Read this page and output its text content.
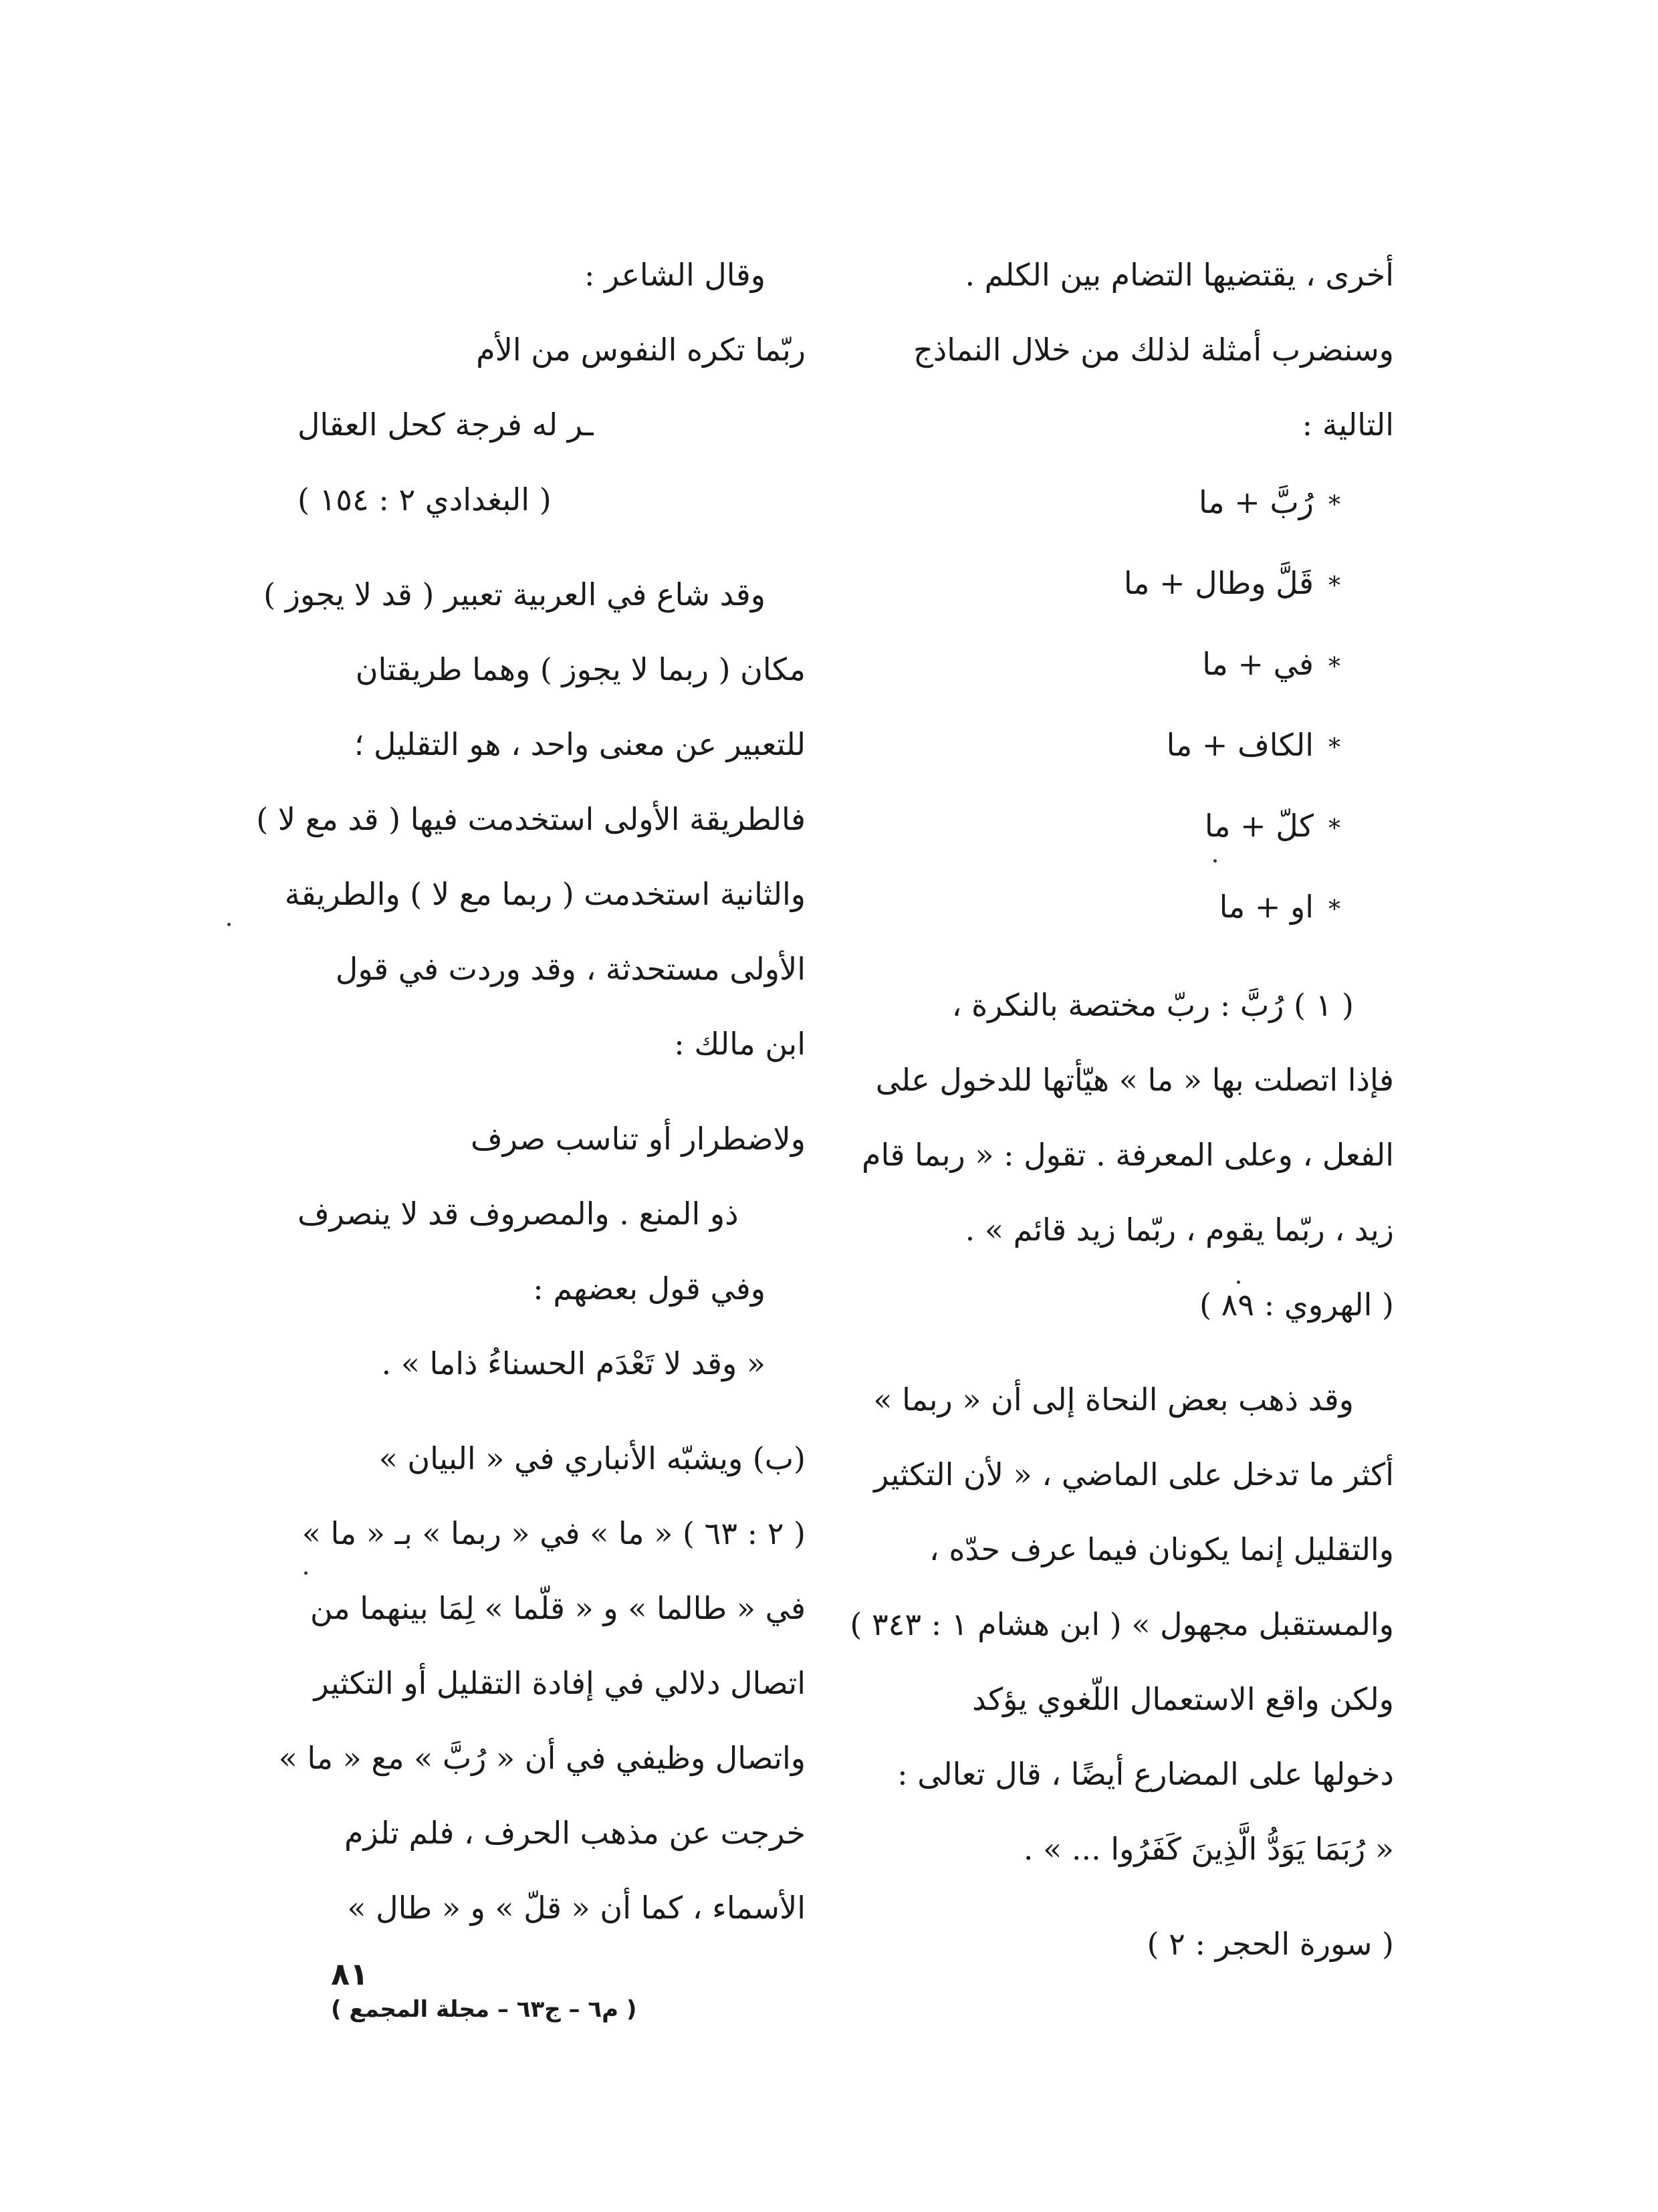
أخرى ، يقتضيها التضام بين الكلم .
وسنضرب أمثلة لذلك من خلال النماذج
التالية :
*رُبَّ + ما
*قَلَّ وطال + ما
*في + ما
*الكاف + ما
*كلّ + ما
*او + ما
( ١ ) رُبَّ : ربّ مختصة بالنكرة ،
فإذا اتصلت بها « ما » هيّأتها للدخول على
الفعل ، وعلى المعرفة . تقول : « ربما قام
زيد ، ربّما يقوم ، ربّما زيد قائم » .
( الهروي : ٨٩ )
وقد ذهب بعض النحاة إلى أن « ربما »
أكثر ما تدخل على الماضي ، « لأن التكثير
والتقليل إنما يكونان فيما عرف حدّه ،
والمستقبل مجهول » ( ابن هشام ١ : ٣٤٣ )
ولكن واقع الاستعمال اللّغوي يؤكد
دخولها على المضارع أيضًا ، قال تعالى :
« رُبَمَا يَوَدُّ الَّذِينَ كَفَرُوا ... » .
( سورة الحجر : ٢ )
وقال الشاعر :
ربّما تكره النفوس من الأم
ـر له فرجة كحل العقال
( البغدادي ٢ : ١٥٤ )
وقد شاع في العربية تعبير ( قد لا يجوز )
مكان ( ربما لا يجوز ) وهما طريقتان
للتعبير عن معنى واحد ، هو التقليل ؛
فالطريقة الأولى استخدمت فيها ( قد مع لا )
والثانية استخدمت ( ربما مع لا ) والطريقة
الأولى مستحدثة ، وقد وردت في قول
ابن مالك :
ولاضطرار أو تناسب صرف
ذو المنع . والمصروف قد لا ينصرف
وفي قول بعضهم :
« وقد لا تَعْدَم الحسناءُ ذاما » .
(ب) ويشبّه الأنباري في « البيان »
( ٢ : ٦٣ ) « ما » في « ربما » بـ « ما »
في « طالما » و « قلّما » لِمَا بينهما من
اتصال دلالي في إفادة التقليل أو التكثير
واتصال وظيفي في أن « رُبَّ » مع « ما »
خرجت عن مذهب الحرف ، فلم تلزم
الأسماء ، كما أن « قلّ » و « طال »
٨١
( م٦ – ج٦٣ – مجلة المجمع )
